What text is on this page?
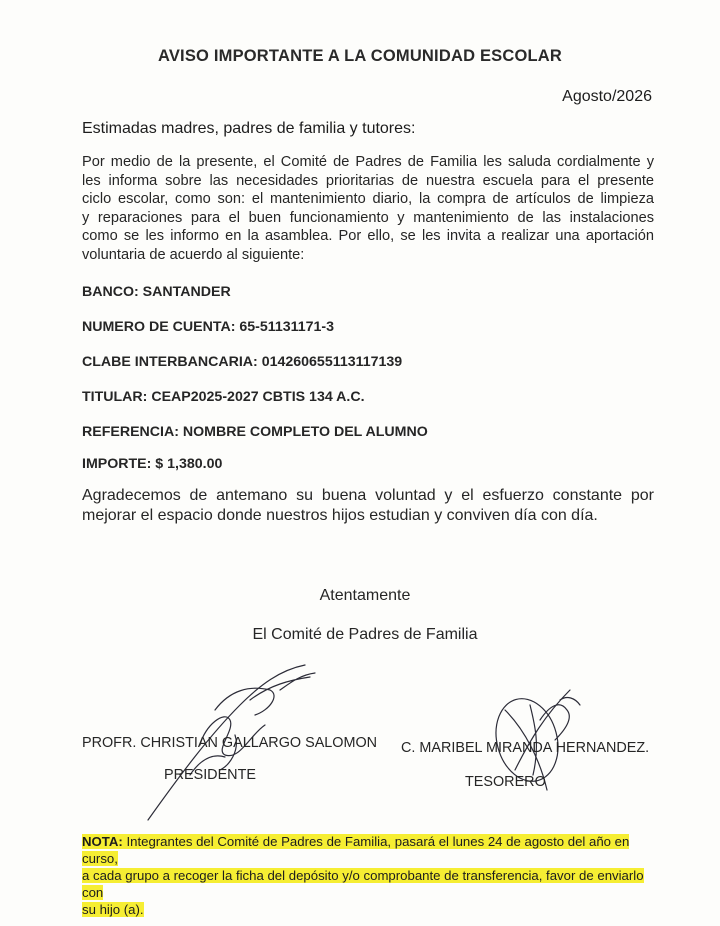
AVISO IMPORTANTE A LA COMUNIDAD ESCOLAR
Agosto/2026
Estimadas madres, padres de familia y tutores:
Por medio de la presente, el Comité de Padres de Familia les saluda cordialmente y
les informa sobre las necesidades prioritarias de nuestra escuela para el presente
ciclo escolar, como son: el mantenimiento diario, la compra de artículos de limpieza
y reparaciones para el buen funcionamiento y mantenimiento de las instalaciones
como se les informo en la asamblea. Por ello, se les invita a realizar una aportación
voluntaria de acuerdo al siguiente:
BANCO: SANTANDER
NUMERO DE CUENTA: 65-51131171-3
CLABE INTERBANCARIA: 014260655113117139
TITULAR: CEAP2025-2027 CBTIS 134 A.C.
REFERENCIA: NOMBRE COMPLETO DEL ALUMNO
IMPORTE: $ 1,380.00
Agradecemos de antemano su buena voluntad y el esfuerzo constante por
mejorar el espacio donde nuestros hijos estudian y conviven día con día.
Atentamente
El Comité de Padres de Familia
PROFR. CHRISTIAN GALLARGO SALOMON
PRESIDENTE
C. MARIBEL MIRANDA HERNANDEZ.
TESORERO
NOTA: Integrantes del Comité de Padres de Familia, pasará el lunes 24 de agosto del año en curso,
a cada grupo a recoger la ficha del depósito y/o comprobante de transferencia, favor de enviarlo con
su hijo (a).
